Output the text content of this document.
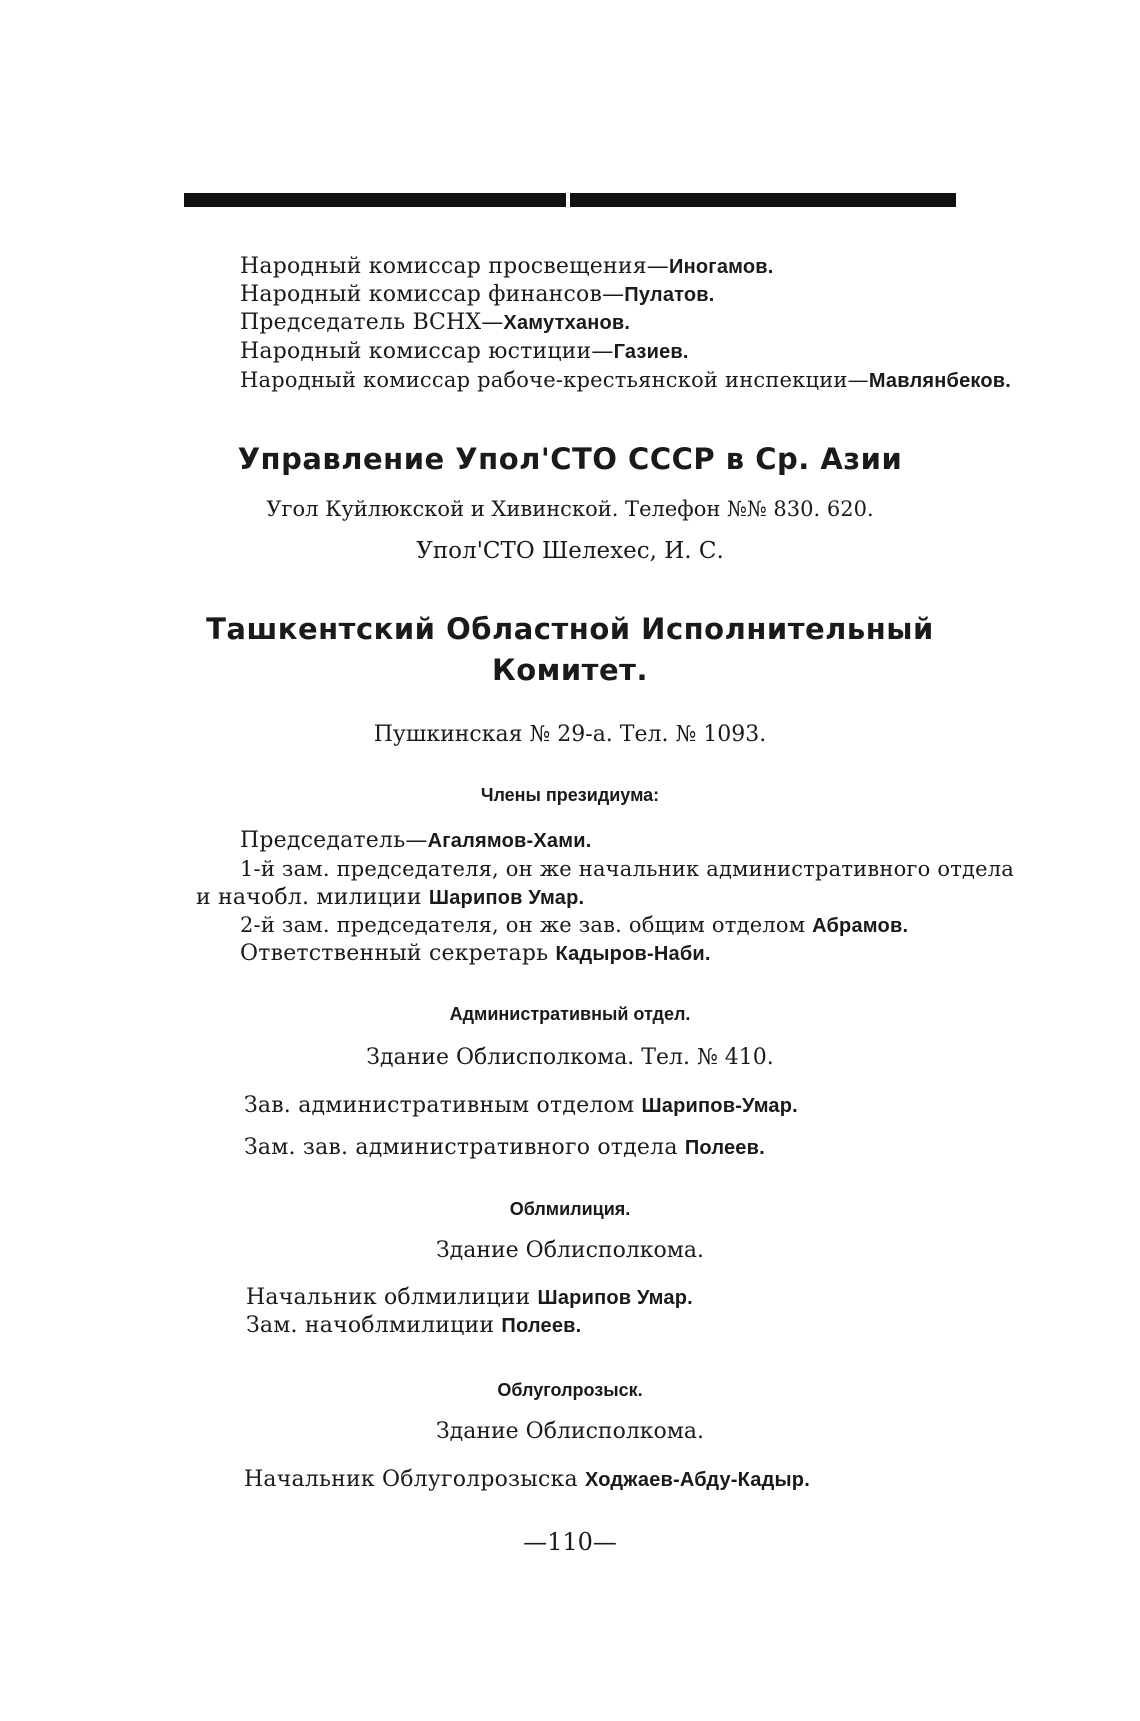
Народный комиссар просвещения—Иногамов.
Народный комиссар финансов—Пулатов.
Председатель ВСНХ—Хамутханов.
Народный комиссар юстиции—Газиев.
Народный комиссар рабоче-крестьянской инспекции—Мавлянбеков.
Управление Упол'СТО СССР в Ср. Азии
Угол Куйлюкской и Хивинской. Телефон №№ 830. 620.
Упол'СТО Шелехес, И. С.
Ташкентский Областной Исполнительный
Комитет.
Пушкинская № 29-а. Тел. № 1093.
Члены президиума:
Председатель—Агалямов-Хами.
1-й зам. председателя, он же начальник административного отдела
и начобл. милиции Шарипов Умар.
2-й зам. председателя, он же зав. общим отделом Абрамов.
Ответственный секретарь Кадыров-Наби.
Административный отдел.
Здание Облисполкома. Тел. № 410.
Зав. административным отделом Шарипов-Умар.
Зам. зав. административного отдела Полеев.
Облмилиция.
Здание Облисполкома.
Начальник облмилиции Шарипов Умар.
Зам. начоблмилиции Полеев.
Облуголрозыск.
Здание Облисполкома.
Начальник Облуголрозыска Ходжаев-Абду-Кадыр.
—110—
